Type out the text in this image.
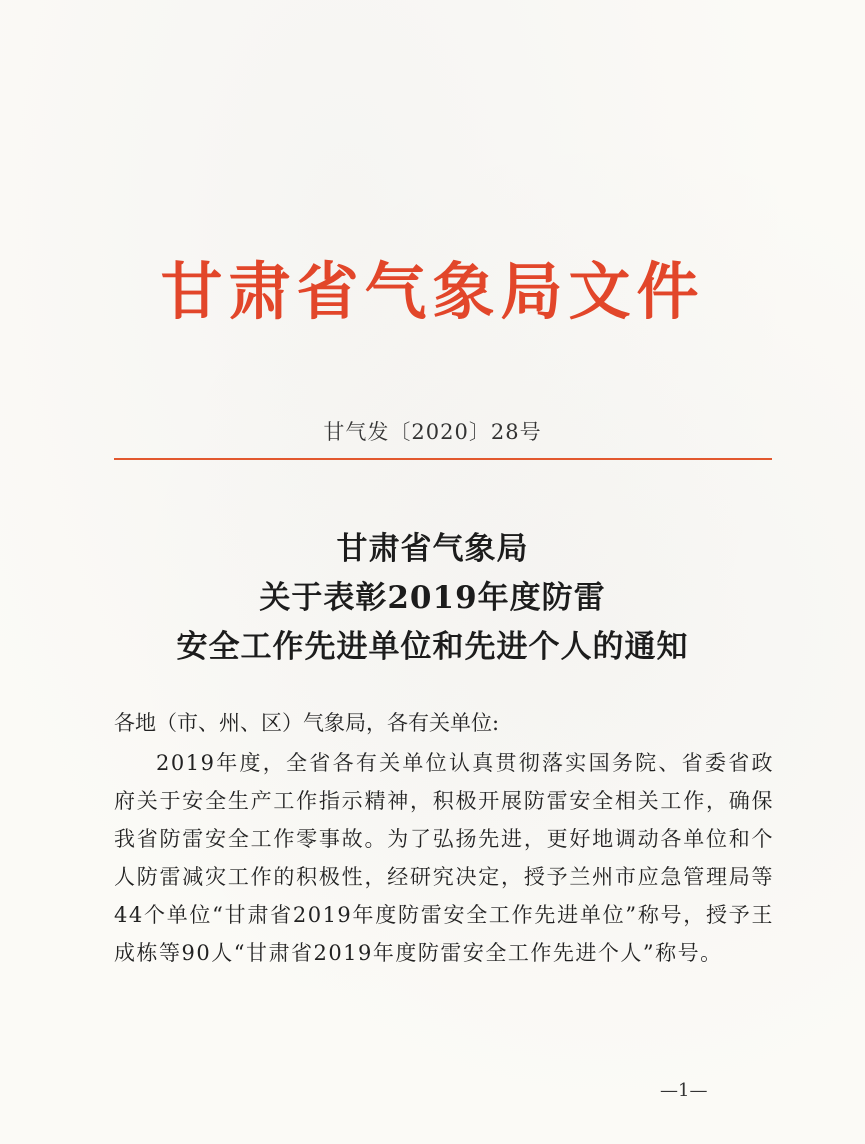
甘肃省气象局文件
甘气发〔2020〕28号
甘肃省气象局
关于表彰2019年度防雷
安全工作先进单位和先进个人的通知
各地（市、州、区）气象局，各有关单位:
2019年度，全省各有关单位认真贯彻落实国务院、省委省政府关于安全生产工作指示精神，积极开展防雷安全相关工作，确保我省防雷安全工作零事故。为了弘扬先进，更好地调动各单位和个人防雷减灾工作的积极性，经研究决定，授予兰州市应急管理局等44个单位“甘肃省2019年度防雷安全工作先进单位”称号，授予王成栋等90人“甘肃省2019年度防雷安全工作先进个人”称号。
—1—
